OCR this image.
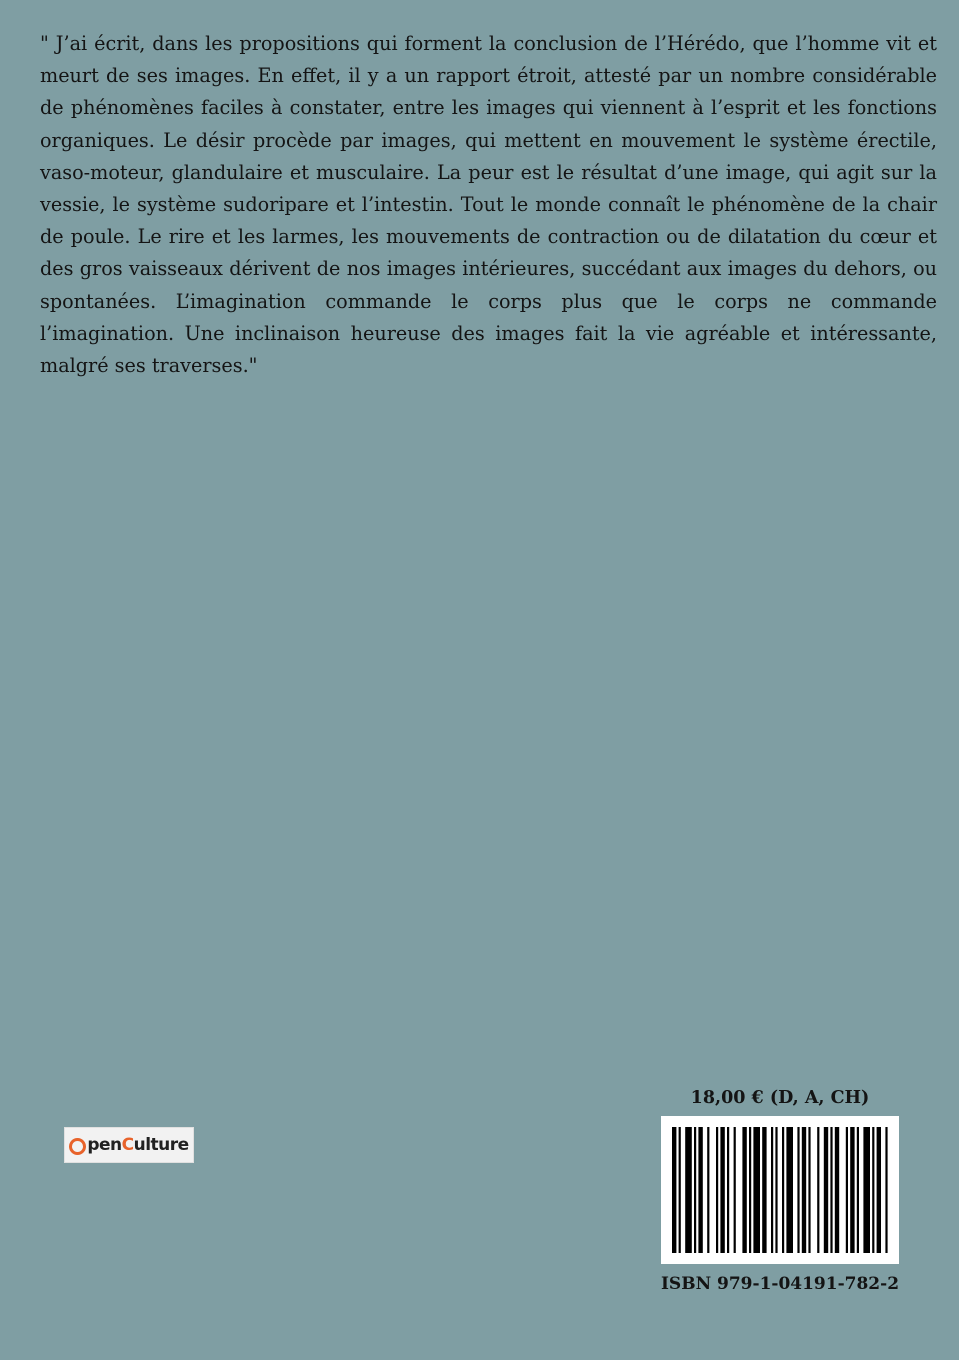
" J’ai écrit, dans les propositions qui forment la conclusion de l’Hérédo, que l’homme vit et meurt de ses images. En effet, il y a un rapport étroit, attesté par un nombre considérable de phénomènes faciles à constater, entre les images qui viennent à l’esprit et les fonctions organiques. Le désir procède par images, qui mettent en mouvement le système érectile, vaso-moteur, glandulaire et musculaire. La peur est le résultat d’une image, qui agit sur la vessie, le système sudoripare et l’intestin. Tout le monde connaît le phénomène de la chair de poule. Le rire et les larmes, les mouvements de contraction ou de dilatation du cœur et des gros vaisseaux dérivent de nos images intérieures, succédant aux images du dehors, ou spontanées. L’imagination commande le corps plus que le corps ne commande l’imagination. Une inclinaison heureuse des images fait la vie agréable et intéressante, malgré ses traverses."

pen C ulture
18,00 € (D, A, CH)
ISBN 979-1-04191-782-2
